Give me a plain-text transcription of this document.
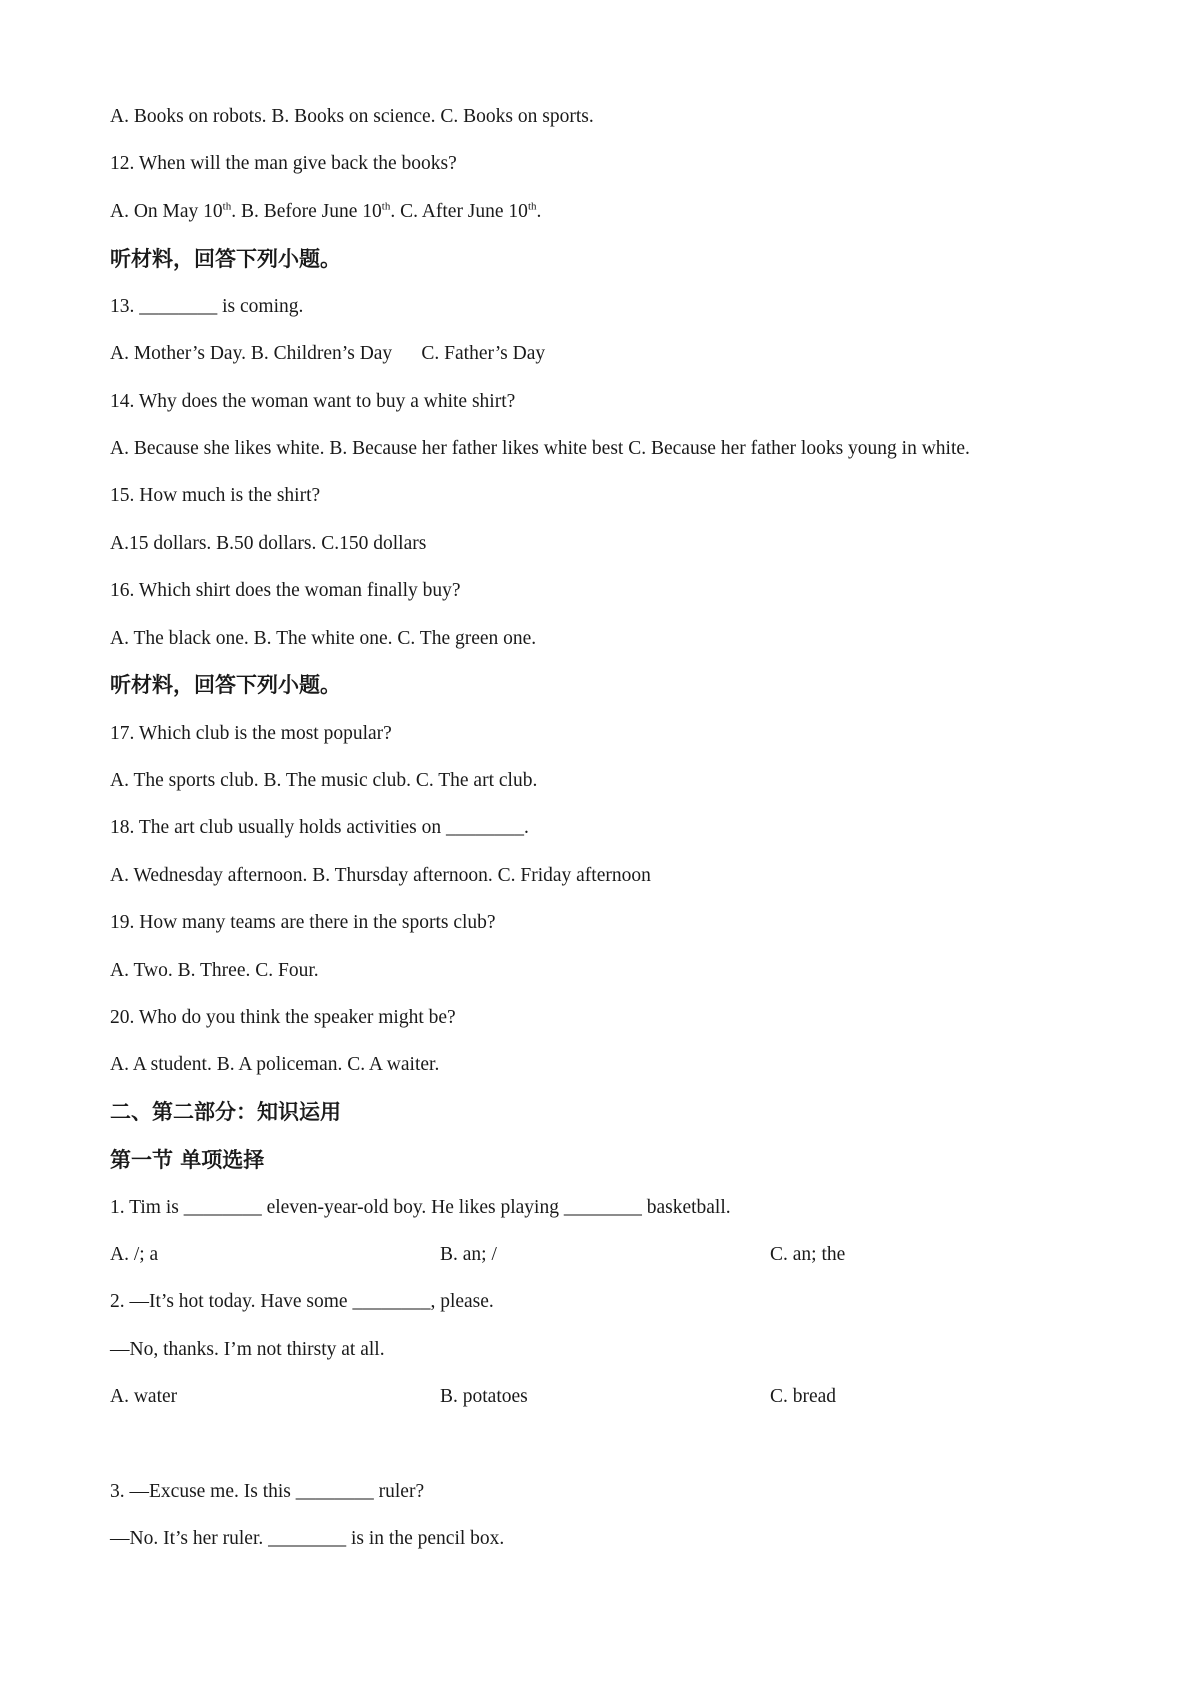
A. Books on robots. B. Books on science. C. Books on sports.
12. When will the man give back the books?
A. On May 10th. B. Before June 10th. C. After June 10th.
听材料，回答下列小题。
13. ________ is coming.
A. Mother’s Day. B. Children’s Day      C. Father’s Day
14. Why does the woman want to buy a white shirt?
A. Because she likes white. B. Because her father likes white best C. Because her father looks young in white.
15. How much is the shirt?
A.15 dollars. B.50 dollars. C.150 dollars
16. Which shirt does the woman finally buy?
A. The black one. B. The white one. C. The green one.
听材料，回答下列小题。
17. Which club is the most popular?
A. The sports club. B. The music club. C. The art club.
18. The art club usually holds activities on ________.
A. Wednesday afternoon. B. Thursday afternoon. C. Friday afternoon
19. How many teams are there in the sports club?
A. Two. B. Three. C. Four.
20. Who do you think the speaker might be?
A. A student. B. A policeman. C. A waiter.
二、第二部分：知识运用
第一节 单项选择
1. Tim is ________ eleven-year-old boy. He likes playing ________ basketball.
A. /; a	B. an; /	C. an; the
2. —It’s hot today. Have some ________, please.
—No, thanks. I’m not thirsty at all.
A. water	B. potatoes	C. bread
3. —Excuse me. Is this ________ ruler?
—No. It’s her ruler. ________ is in the pencil box.
